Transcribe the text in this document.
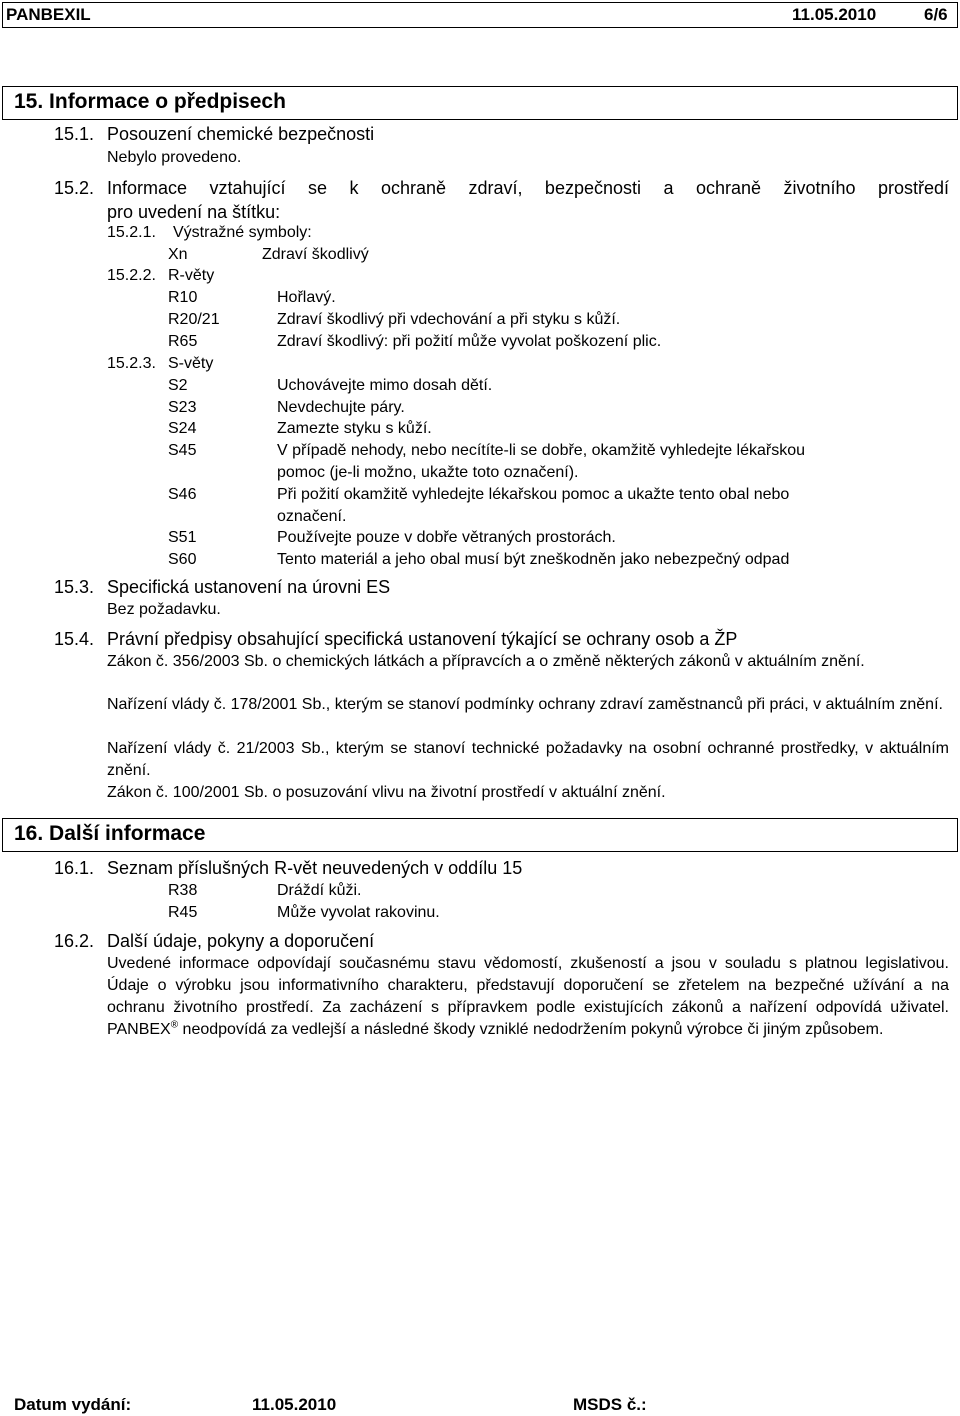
PANBEXIL	11.05.2010	6/6
15. Informace o předpisech
15.1. Posouzení chemické bezpečnosti
Nebylo provedeno.
15.2. Informace vztahující se k ochraně zdraví, bezpečnosti a ochraně životního prostředí
pro uvedení na štítku:
15.2.1. Výstražné symboly:
Xn	Zdraví škodlivý
15.2.2. R-věty
R10	Hořlavý.
R20/21	Zdraví škodlivý při vdechování a při styku s kůží.
R65	Zdraví škodlivý: při požití může vyvolat poškození plic.
15.2.3. S-věty
S2	Uchovávejte mimo dosah dětí.
S23	Nevdechujte páry.
S24	Zamezte styku s kůží.
S45	V případě nehody, nebo necítíte-li se dobře, okamžitě vyhledejte lékařskou
pomoc (je-li možno, ukažte toto označení).
S46	Při požití okamžitě vyhledejte lékařskou pomoc a ukažte tento obal nebo
označení.
S51	Používejte pouze v dobře větraných prostorách.
S60	Tento materiál a jeho obal musí být zneškodněn jako nebezpečný odpad
15.3. Specifická ustanovení na úrovni ES
Bez požadavku.
15.4. Právní předpisy obsahující specifická ustanovení týkající se ochrany osob a ŽP
Zákon č. 356/2003 Sb. o chemických látkách a přípravcích a o změně některých zákonů v aktuálním znění.
Nařízení vlády č. 178/2001 Sb., kterým se stanoví podmínky ochrany zdraví zaměstnanců při práci, v aktuálním znění.
Nařízení vlády č. 21/2003 Sb., kterým se stanoví technické požadavky na osobní ochranné prostředky, v aktuálním znění.
Zákon č. 100/2001 Sb. o posuzování vlivu na životní prostředí v aktuální znění.
16. Další informace
16.1. Seznam příslušných R-vět neuvedených v oddílu 15
R38	Dráždí kůži.
R45	Může vyvolat rakovinu.
16.2. Další údaje, pokyny a doporučení
Uvedené informace odpovídají současnému stavu vědomostí, zkušeností a jsou v souladu s platnou legislativou. Údaje o výrobku jsou informativního charakteru, představují doporučení se zřetelem na bezpečné užívání a na ochranu životního prostředí. Za zacházení s přípravkem podle existujících zákonů a nařízení odpovídá uživatel. PANBEX® neodpovídá za vedlejší a následné škody vzniklé nedodržením pokynů výrobce či jiným způsobem.
Datum vydání:	11.05.2010	MSDS č.:
